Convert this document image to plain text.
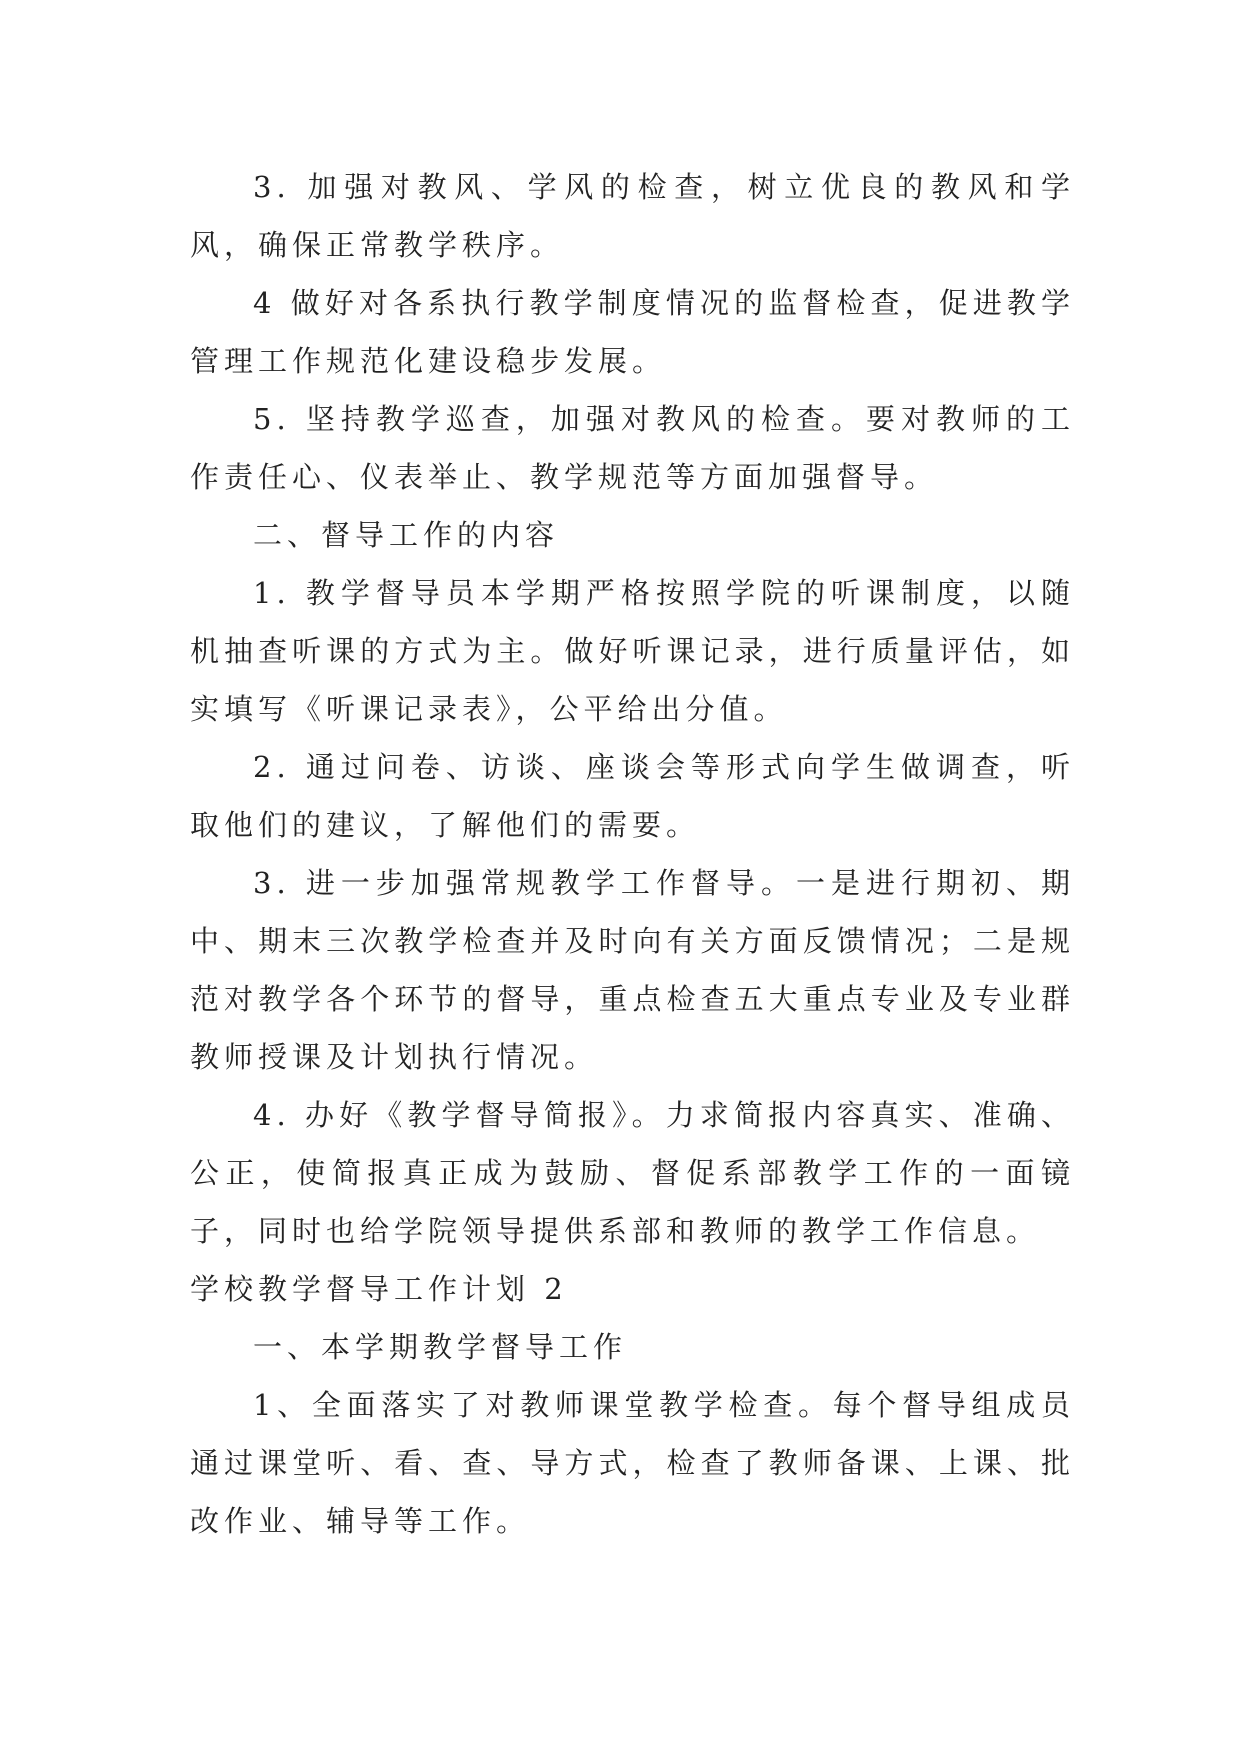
3. 加强对教风、学风的检查，树立优良的教风和学风，确保正常教学秩序。

4 做好对各系执行教学制度情况的监督检查，促进教学管理工作规范化建设稳步发展。

5. 坚持教学巡查，加强对教风的检查。要对教师的工作责任心、仪表举止、教学规范等方面加强督导。

二、督导工作的内容

1. 教学督导员本学期严格按照学院的听课制度，以随机抽查听课的方式为主。做好听课记录，进行质量评估，如实填写《听课记录表》，公平给出分值。

2. 通过问卷、访谈、座谈会等形式向学生做调查，听取他们的建议，了解他们的需要。

3. 进一步加强常规教学工作督导。一是进行期初、期中、期末三次教学检查并及时向有关方面反馈情况；二是规范对教学各个环节的督导，重点检查五大重点专业及专业群教师授课及计划执行情况。

4. 办好《教学督导简报》。力求简报内容真实、准确、公正，使简报真正成为鼓励、督促系部教学工作的一面镜子，同时也给学院领导提供系部和教师的教学工作信息。

学校教学督导工作计划 2

一、本学期教学督导工作

1、全面落实了对教师课堂教学检查。每个督导组成员通过课堂听、看、查、导方式，检查了教师备课、上课、批改作业、辅导等工作。
